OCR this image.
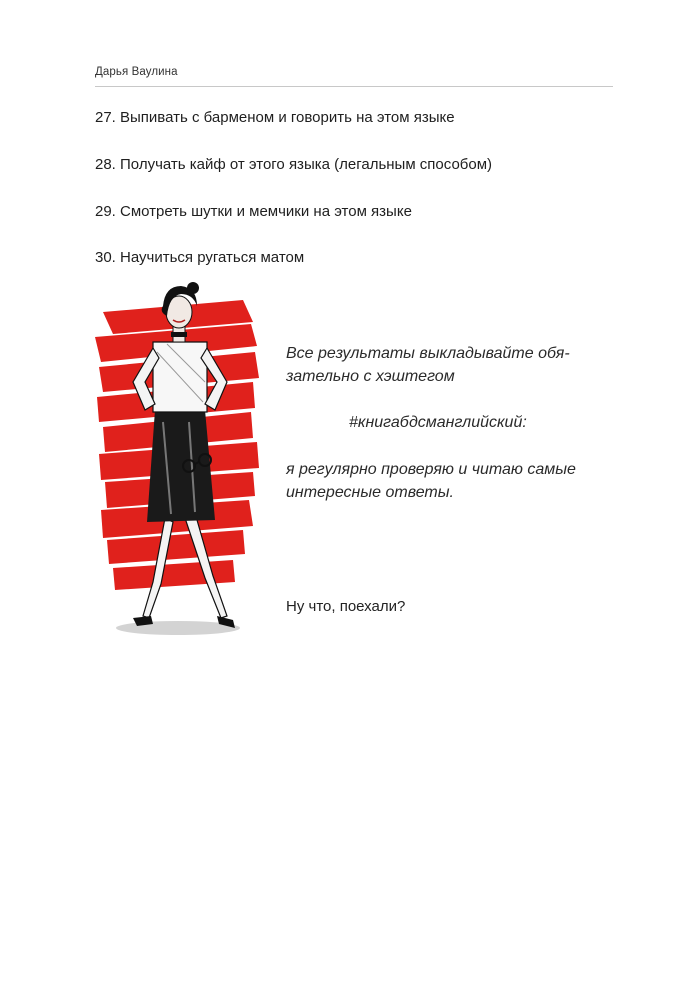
Дарья Ваулина
27. Выпивать с барменом и говорить на этом языке
28. Получать кайф от этого языка (легальным способом)
29. Смотреть шутки и мемчики на этом языке
30. Научиться ругаться матом
Все результаты выкладывайте обя-
зательно с хэштегом
#книгабдсманглийский:
я регулярно проверяю и читаю самые
интересные ответы.
Ну что, поехали?
